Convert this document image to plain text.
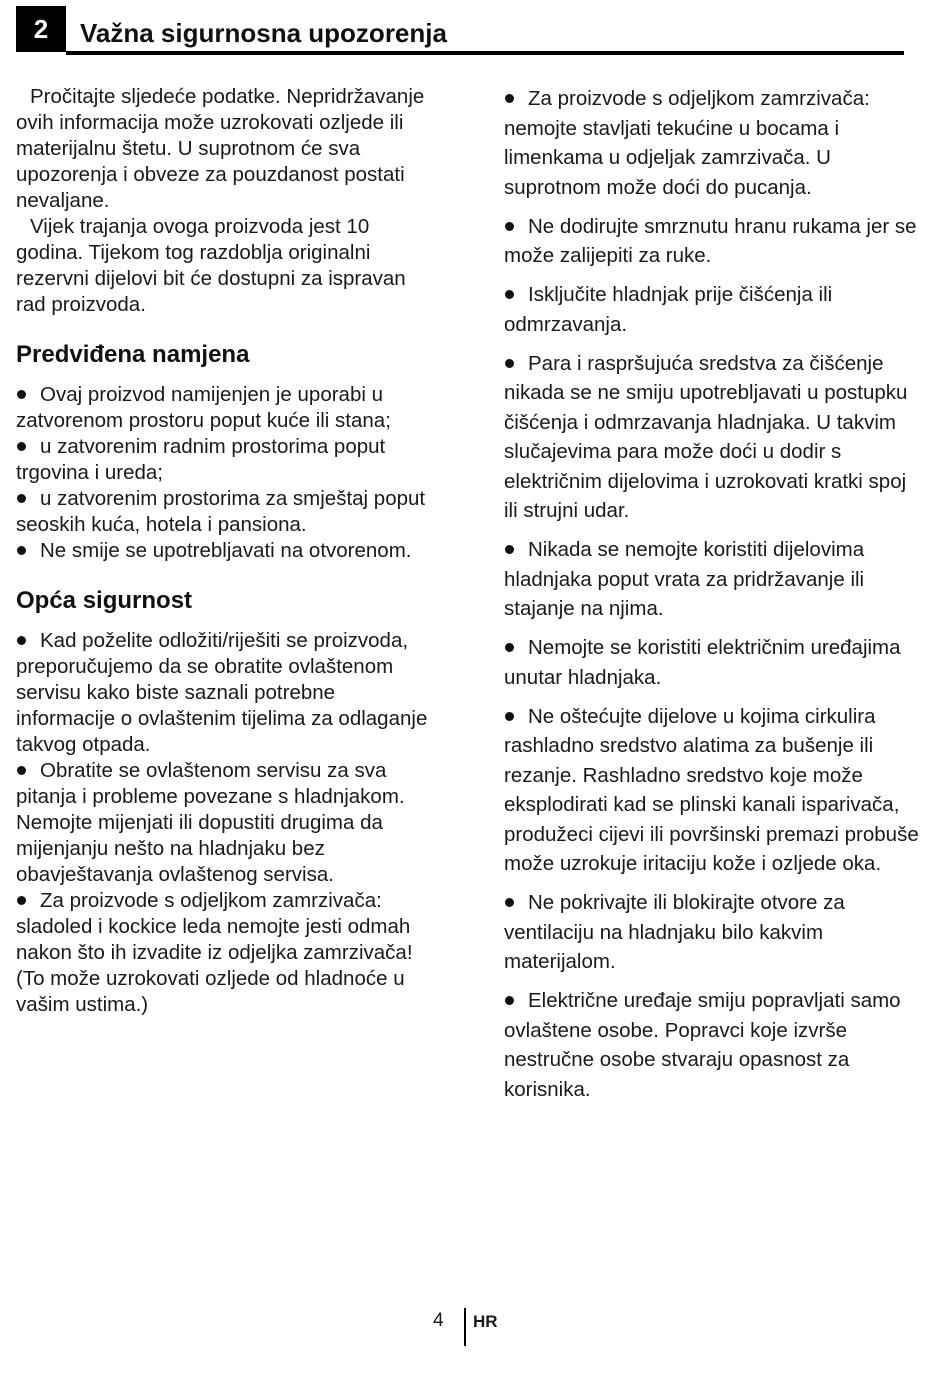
2 Važna sigurnosna upozorenja

Pročitajte sljedeće podatke. Nepridržavanje ovih informacija može uzrokovati ozljede ili materijalnu štetu. U suprotnom će sva upozorenja i obveze za pouzdanost postati nevaljane.

Vijek trajanja ovoga proizvoda jest 10 godina. Tijekom tog razdoblja originalni rezervni dijelovi bit će dostupni za ispravan rad proizvoda.

Predviđena namjena

Ovaj proizvod namijenjen je uporabi u zatvorenom prostoru poput kuće ili stana;

u zatvorenim radnim prostorima poput trgovina i ureda;

u zatvorenim prostorima za smještaj poput seoskih kuća, hotela i pansiona.

Ne smije se upotrebljavati na otvorenom.

Opća sigurnost

Kad poželite odložiti/riješiti se proizvoda, preporučujemo da se obratite ovlaštenom servisu kako biste saznali potrebne informacije o ovlaštenim tijelima za odlaganje takvog otpada.

Obratite se ovlaštenom servisu za sva pitanja i probleme povezane s hladnjakom. Nemojte mijenjati ili dopustiti drugima da mijenjanju nešto na hladnjaku bez obavještavanja ovlaštenog servisa.

Za proizvode s odjeljkom zamrzivača: sladoled i kockice leda nemojte jesti odmah nakon što ih izvadite iz odjeljka zamrzivača! (To može uzrokovati ozljede od hladnoće u vašim ustima.)

Za proizvode s odjeljkom zamrzivača: nemojte stavljati tekućine u bocama i limenkama u odjeljak zamrzivača. U suprotnom može doći do pucanja.

Ne dodirujte smrznutu hranu rukama jer se može zalijepiti za ruke.

Isključite hladnjak prije čišćenja ili odmrzavanja.

Para i raspršujuća sredstva za čišćenje nikada se ne smiju upotrebljavati u postupku čišćenja i odmrzavanja hladnjaka. U takvim slučajevima para može doći u dodir s električnim dijelovima i uzrokovati kratki spoj ili strujni udar.

Nikada se nemojte koristiti dijelovima hladnjaka poput vrata za pridržavanje ili stajanje na njima.

Nemojte se koristiti električnim uređajima unutar hladnjaka.

Ne oštećujte dijelove u kojima cirkulira rashladno sredstvo alatima za bušenje ili rezanje. Rashladno sredstvo koje može eksplodirati kad se plinski kanali isparivača, produžeci cijevi ili površinski premazi probuše može uzrokuje iritaciju kože i ozljede oka.

Ne pokrivajte ili blokirajte otvore za ventilaciju na hladnjaku bilo kakvim materijalom.

Električne uređaje smiju popravljati samo ovlaštene osobe. Popravci koje izvrše nestručne osobe stvaraju opasnost za korisnika.

4 HR
